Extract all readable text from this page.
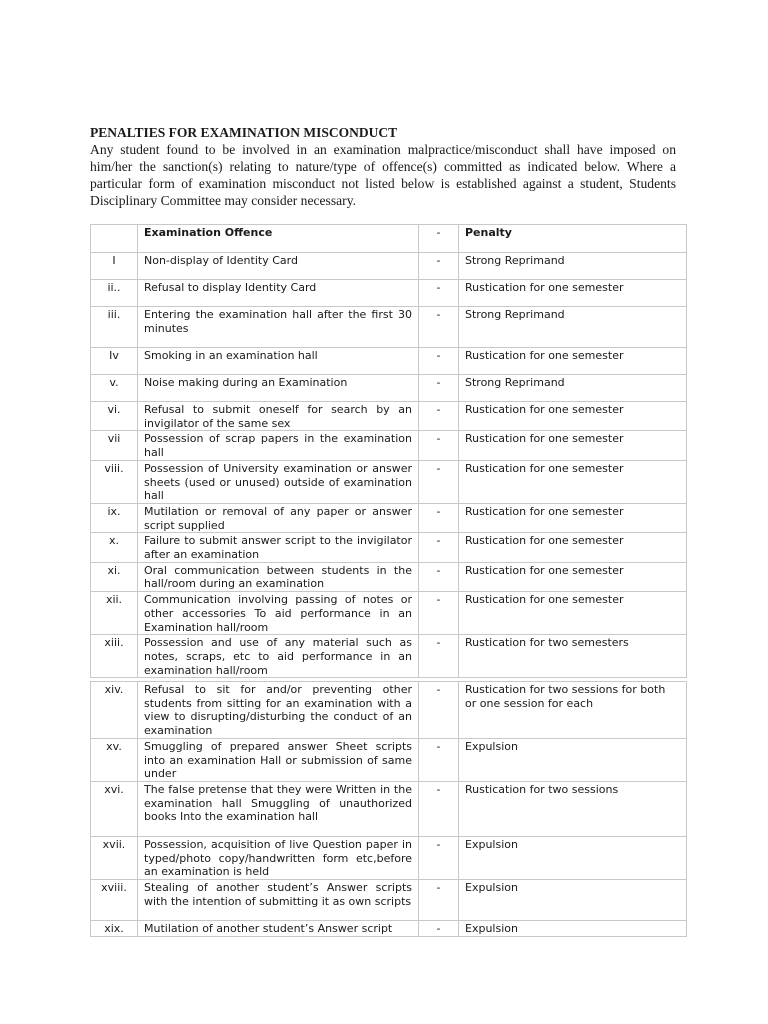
PENALTIES FOR EXAMINATION MISCONDUCT

Any student found to be involved in an examination malpractice/misconduct shall have imposed on him/her the sanction(s) relating to nature/type of offence(s) committed as indicated below. Where a particular form of examination misconduct not listed below is established against a student, Students Disciplinary Committee may consider necessary.

	Examination Offence	-	Penalty
I	Non-display of Identity Card	-	Strong Reprimand
ii..	Refusal to display Identity Card	-	Rustication for one semester
iii.	Entering the examination hall after the first 30 minutes	-	Strong Reprimand
Iv	Smoking in an examination hall	-	Rustication for one semester
v.	Noise making during an Examination	-	Strong Reprimand
vi.	Refusal to submit oneself for search by an invigilator of the same sex	-	Rustication for one semester
vii	Possession of scrap papers in the examination hall	-	Rustication for one semester
viii.	Possession of University examination or answer sheets (used or unused) outside of examination hall	-	Rustication for one semester
ix.	Mutilation or removal of any paper or answer script supplied	-	Rustication for one semester
x.	Failure to submit answer script to the invigilator after an examination	-	Rustication for one semester
xi.	Oral communication between students in the hall/room during an examination	-	Rustication for one semester
xii.	Communication involving passing of notes or other accessories To aid performance in an Examination hall/room	-	Rustication for one semester
xiii.	Possession and use of any material such as notes, scraps, etc to aid performance in an examination hall/room	-	Rustication for two semesters
xiv.	Refusal to sit for and/or preventing other students from sitting for an examination with a view to disrupting/disturbing the conduct of an examination	-	Rustication for two sessions for both or one session for each
xv.	Smuggling of prepared answer Sheet scripts into an examination Hall or submission of same under	-	Expulsion
xvi.	The false pretense that they were Written in the examination hall Smuggling of unauthorized books Into the examination hall	-	Rustication for two sessions
xvii.	Possession, acquisition of live Question paper in typed/photo copy/handwritten form etc,before an examination is held	-	Expulsion
xviii.	Stealing of another student’s Answer scripts with the intention of submitting it as own scripts	-	Expulsion
xix.	Mutilation of another student’s Answer script	-	Expulsion
